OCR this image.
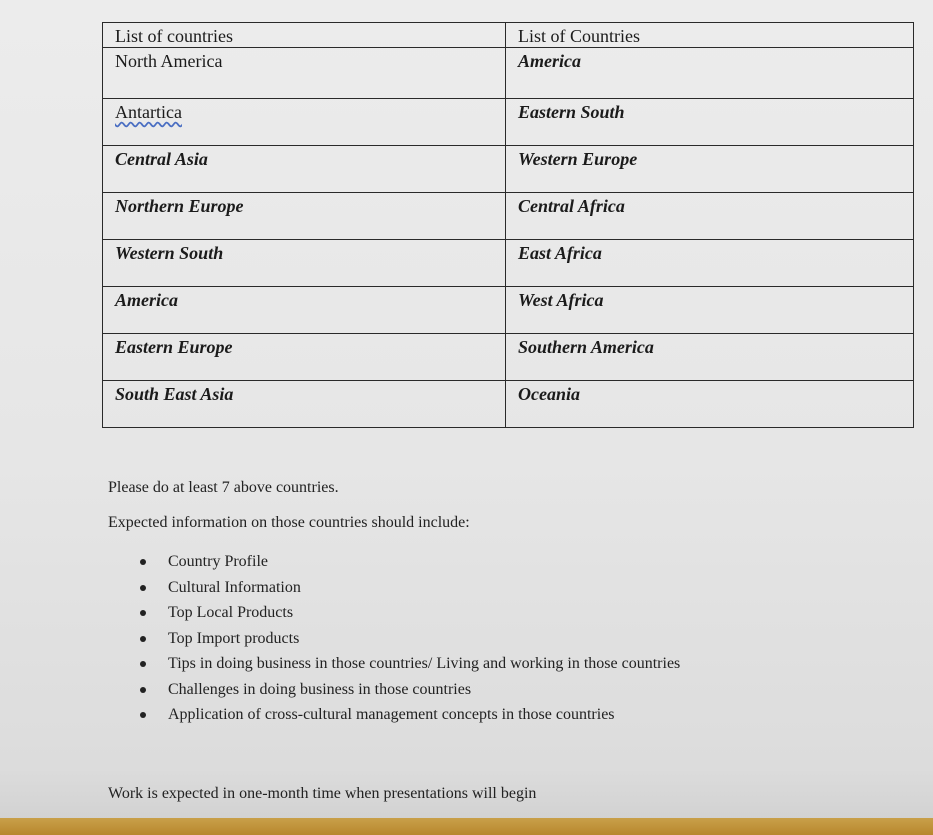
List of countries	List of Countries
North America	America
Antartica	Eastern South
Central Asia	Western Europe
Northern Europe	Central Africa
Western South	East Africa
America	West Africa
Eastern Europe	Southern America
South East Asia	Oceania
Please do at least 7 above countries.
Expected information on those countries should include:
Country Profile
Cultural Information
Top Local Products
Top Import products
Tips in doing business in those countries/ Living and working in those countries
Challenges in doing business in those countries
Application of cross-cultural management concepts in those countries
Work is expected in one-month time when presentations will begin
